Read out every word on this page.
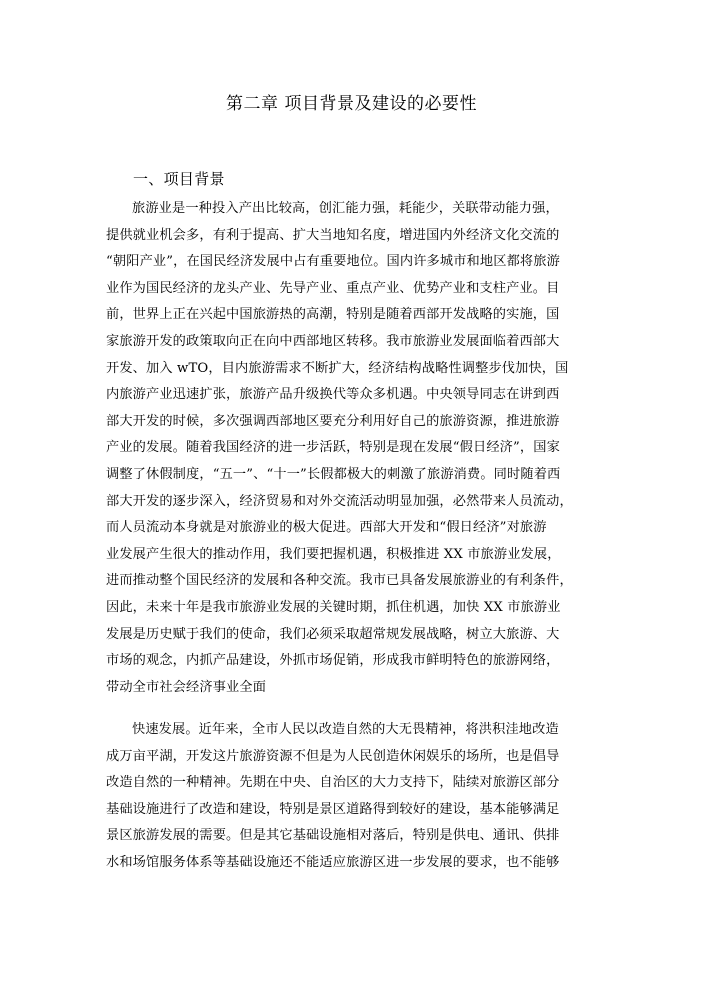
第二章 项目背景及建设的必要性
一、项目背景
旅游业是一种投入产出比较高，创汇能力强，耗能少，关联带动能力强，
提供就业机会多，有利于提高、扩大当地知名度，增进国内外经济文化交流的
“朝阳产业”，在国民经济发展中占有重要地位。国内许多城市和地区都将旅游
业作为国民经济的龙头产业、先导产业、重点产业、优势产业和支柱产业。目
前，世界上正在兴起中国旅游热的高潮，特别是随着西部开发战略的实施，国
家旅游开发的政策取向正在向中西部地区转移。我市旅游业发展面临着西部大
开发、加入 wTO，目内旅游需求不断扩大，经济结构战略性调整步伐加快，国
内旅游产业迅速扩张，旅游产品升级换代等众多机遇。中央领导同志在讲到西
部大开发的时候，多次强调西部地区要充分利用好自己的旅游资源，推进旅游
产业的发展。随着我国经济的进一步活跃，特别是现在发展“假日经济”，国家
调整了休假制度，“五一”、“十一”长假都极大的刺激了旅游消费。同时随着西
部大开发的逐步深入，经济贸易和对外交流活动明显加强，必然带来人员流动，
而人员流动本身就是对旅游业的极大促进。西部大开发和“假日经济”对旅游
业发展产生很大的推动作用，我们要把握机遇，积极推进 XX 市旅游业发展，
进而推动整个国民经济的发展和各种交流。我市已具备发展旅游业的有利条件，
因此，未来十年是我市旅游业发展的关键时期，抓住机遇，加快 XX 市旅游业
发展是历史赋于我们的使命，我们必须采取超常规发展战略，树立大旅游、大
市场的观念，内抓产品建设，外抓市场促销，形成我市鲜明特色的旅游网络，
带动全市社会经济事业全面
快速发展。近年来，全市人民以改造自然的大无畏精神，将洪积洼地改造
成万亩平湖，开发这片旅游资源不但是为人民创造休闲娱乐的场所，也是倡导
改造自然的一种精神。先期在中央、自治区的大力支持下，陆续对旅游区部分
基础设施进行了改造和建设，特别是景区道路得到较好的建设，基本能够满足
景区旅游发展的需要。但是其它基础设施相对落后，特别是供电、通讯、供排
水和场馆服务体系等基础设施还不能适应旅游区进一步发展的要求，也不能够
